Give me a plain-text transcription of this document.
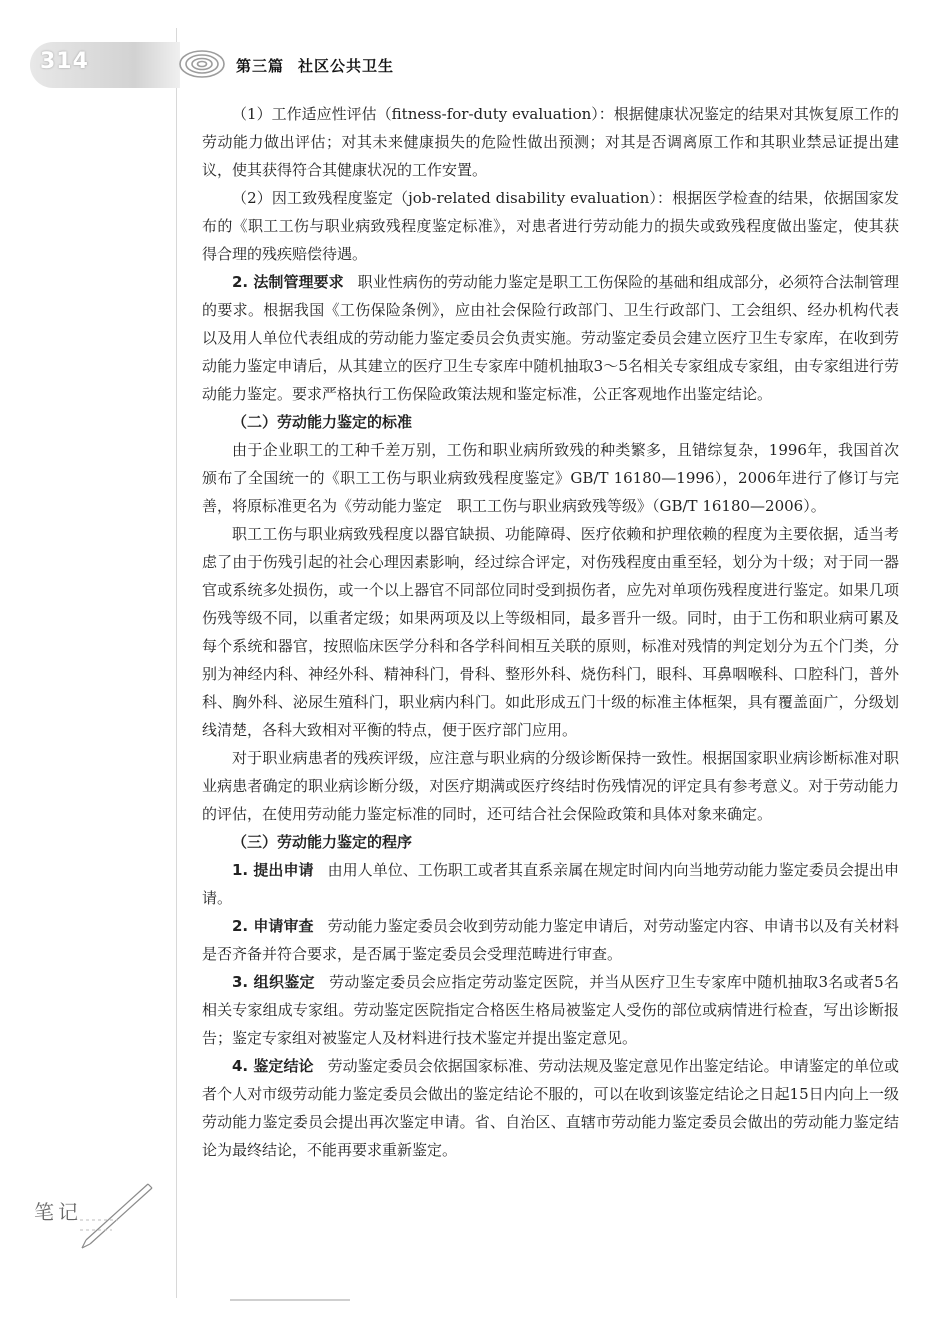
314	第三篇 社区公共卫生

（1）工作适应性评估（fitness-for-duty evaluation）：根据健康状况鉴定的结果对其恢复原工作的劳动能力做出评估；对其未来健康损失的危险性做出预测；对其是否调离原工作和其职业禁忌证提出建议，使其获得符合其健康状况的工作安置。

（2）因工致残程度鉴定（job-related disability evaluation）：根据医学检查的结果，依据国家发布的《职工工伤与职业病致残程度鉴定标准》，对患者进行劳动能力的损失或致残程度做出鉴定，使其获得合理的残疾赔偿待遇。

2. 法制管理要求 职业性病伤的劳动能力鉴定是职工工伤保险的基础和组成部分，必须符合法制管理的要求。根据我国《工伤保险条例》，应由社会保险行政部门、卫生行政部门、工会组织、经办机构代表以及用人单位代表组成的劳动能力鉴定委员会负责实施。劳动鉴定委员会建立医疗卫生专家库，在收到劳动能力鉴定申请后，从其建立的医疗卫生专家库中随机抽取3～5名相关专家组成专家组，由专家组进行劳动能力鉴定。要求严格执行工伤保险政策法规和鉴定标准，公正客观地作出鉴定结论。

（二）劳动能力鉴定的标准

由于企业职工的工种千差万别，工伤和职业病所致残的种类繁多，且错综复杂，1996年，我国首次颁布了全国统一的《职工工伤与职业病致残程度鉴定》GB/T 16180—1996），2006年进行了修订与完善，将原标准更名为《劳动能力鉴定　职工工伤与职业病致残等级》（GB/T 16180—2006）。

职工工伤与职业病致残程度以器官缺损、功能障碍、医疗依赖和护理依赖的程度为主要依据，适当考虑了由于伤残引起的社会心理因素影响，经过综合评定，对伤残程度由重至轻，划分为十级；对于同一器官或系统多处损伤，或一个以上器官不同部位同时受到损伤者，应先对单项伤残程度进行鉴定。如果几项伤残等级不同，以重者定级；如果两项及以上等级相同，最多晋升一级。同时，由于工伤和职业病可累及每个系统和器官，按照临床医学分科和各学科间相互关联的原则，标准对残情的判定划分为五个门类，分别为神经内科、神经外科、精神科门，骨科、整形外科、烧伤科门，眼科、耳鼻咽喉科、口腔科门，普外科、胸外科、泌尿生殖科门，职业病内科门。如此形成五门十级的标准主体框架，具有覆盖面广，分级划线清楚，各科大致相对平衡的特点，便于医疗部门应用。

对于职业病患者的残疾评级，应注意与职业病的分级诊断保持一致性。根据国家职业病诊断标准对职业病患者确定的职业病诊断分级，对医疗期满或医疗终结时伤残情况的评定具有参考意义。对于劳动能力的评估，在使用劳动能力鉴定标准的同时，还可结合社会保险政策和具体对象来确定。

（三）劳动能力鉴定的程序

1. 提出申请 由用人单位、工伤职工或者其直系亲属在规定时间内向当地劳动能力鉴定委员会提出申请。

2. 申请审查 劳动能力鉴定委员会收到劳动能力鉴定申请后，对劳动鉴定内容、申请书以及有关材料是否齐备并符合要求，是否属于鉴定委员会受理范畴进行审查。

3. 组织鉴定 劳动鉴定委员会应指定劳动鉴定医院，并当从医疗卫生专家库中随机抽取3名或者5名相关专家组成专家组。劳动鉴定医院指定合格医生格局被鉴定人受伤的部位或病情进行检查，写出诊断报告；鉴定专家组对被鉴定人及材料进行技术鉴定并提出鉴定意见。

4. 鉴定结论 劳动鉴定委员会依据国家标准、劳动法规及鉴定意见作出鉴定结论。申请鉴定的单位或者个人对市级劳动能力鉴定委员会做出的鉴定结论不服的，可以在收到该鉴定结论之日起15日内向上一级劳动能力鉴定委员会提出再次鉴定申请。省、自治区、直辖市劳动能力鉴定委员会做出的劳动能力鉴定结论为最终结论，不能再要求重新鉴定。

笔记
